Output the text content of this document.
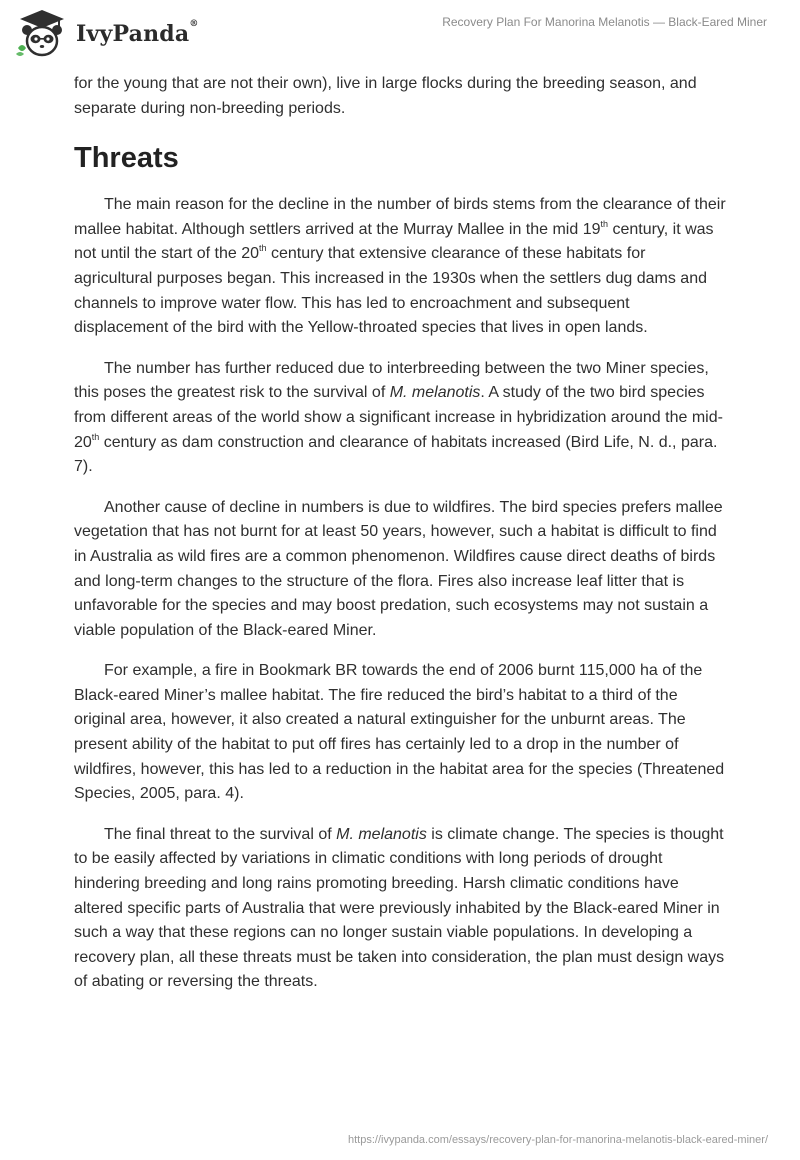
IvyPanda®	Recovery Plan For Manorina Melanotis — Black-Eared Miner

for the young that are not their own), live in large flocks during the breeding season, and separate during non-breeding periods.

Threats

The main reason for the decline in the number of birds stems from the clearance of their mallee habitat. Although settlers arrived at the Murray Mallee in the mid 19th century, it was not until the start of the 20th century that extensive clearance of these habitats for agricultural purposes began. This increased in the 1930s when the settlers dug dams and channels to improve water flow. This has led to encroachment and subsequent displacement of the bird with the Yellow-throated species that lives in open lands.

The number has further reduced due to interbreeding between the two Miner species, this poses the greatest risk to the survival of M. melanotis. A study of the two bird species from different areas of the world show a significant increase in hybridization around the mid-20th century as dam construction and clearance of habitats increased (Bird Life, N. d., para. 7).

Another cause of decline in numbers is due to wildfires. The bird species prefers mallee vegetation that has not burnt for at least 50 years, however, such a habitat is difficult to find in Australia as wild fires are a common phenomenon. Wildfires cause direct deaths of birds and long-term changes to the structure of the flora. Fires also increase leaf litter that is unfavorable for the species and may boost predation, such ecosystems may not sustain a viable population of the Black-eared Miner.

For example, a fire in Bookmark BR towards the end of 2006 burnt 115,000 ha of the Black-eared Miner’s mallee habitat. The fire reduced the bird’s habitat to a third of the original area, however, it also created a natural extinguisher for the unburnt areas. The present ability of the habitat to put off fires has certainly led to a drop in the number of wildfires, however, this has led to a reduction in the habitat area for the species (Threatened Species, 2005, para. 4).

The final threat to the survival of M. melanotis is climate change. The species is thought to be easily affected by variations in climatic conditions with long periods of drought hindering breeding and long rains promoting breeding. Harsh climatic conditions have altered specific parts of Australia that were previously inhabited by the Black-eared Miner in such a way that these regions can no longer sustain viable populations. In developing a recovery plan, all these threats must be taken into consideration, the plan must design ways of abating or reversing the threats.

https://ivypanda.com/essays/recovery-plan-for-manorina-melanotis-black-eared-miner/
